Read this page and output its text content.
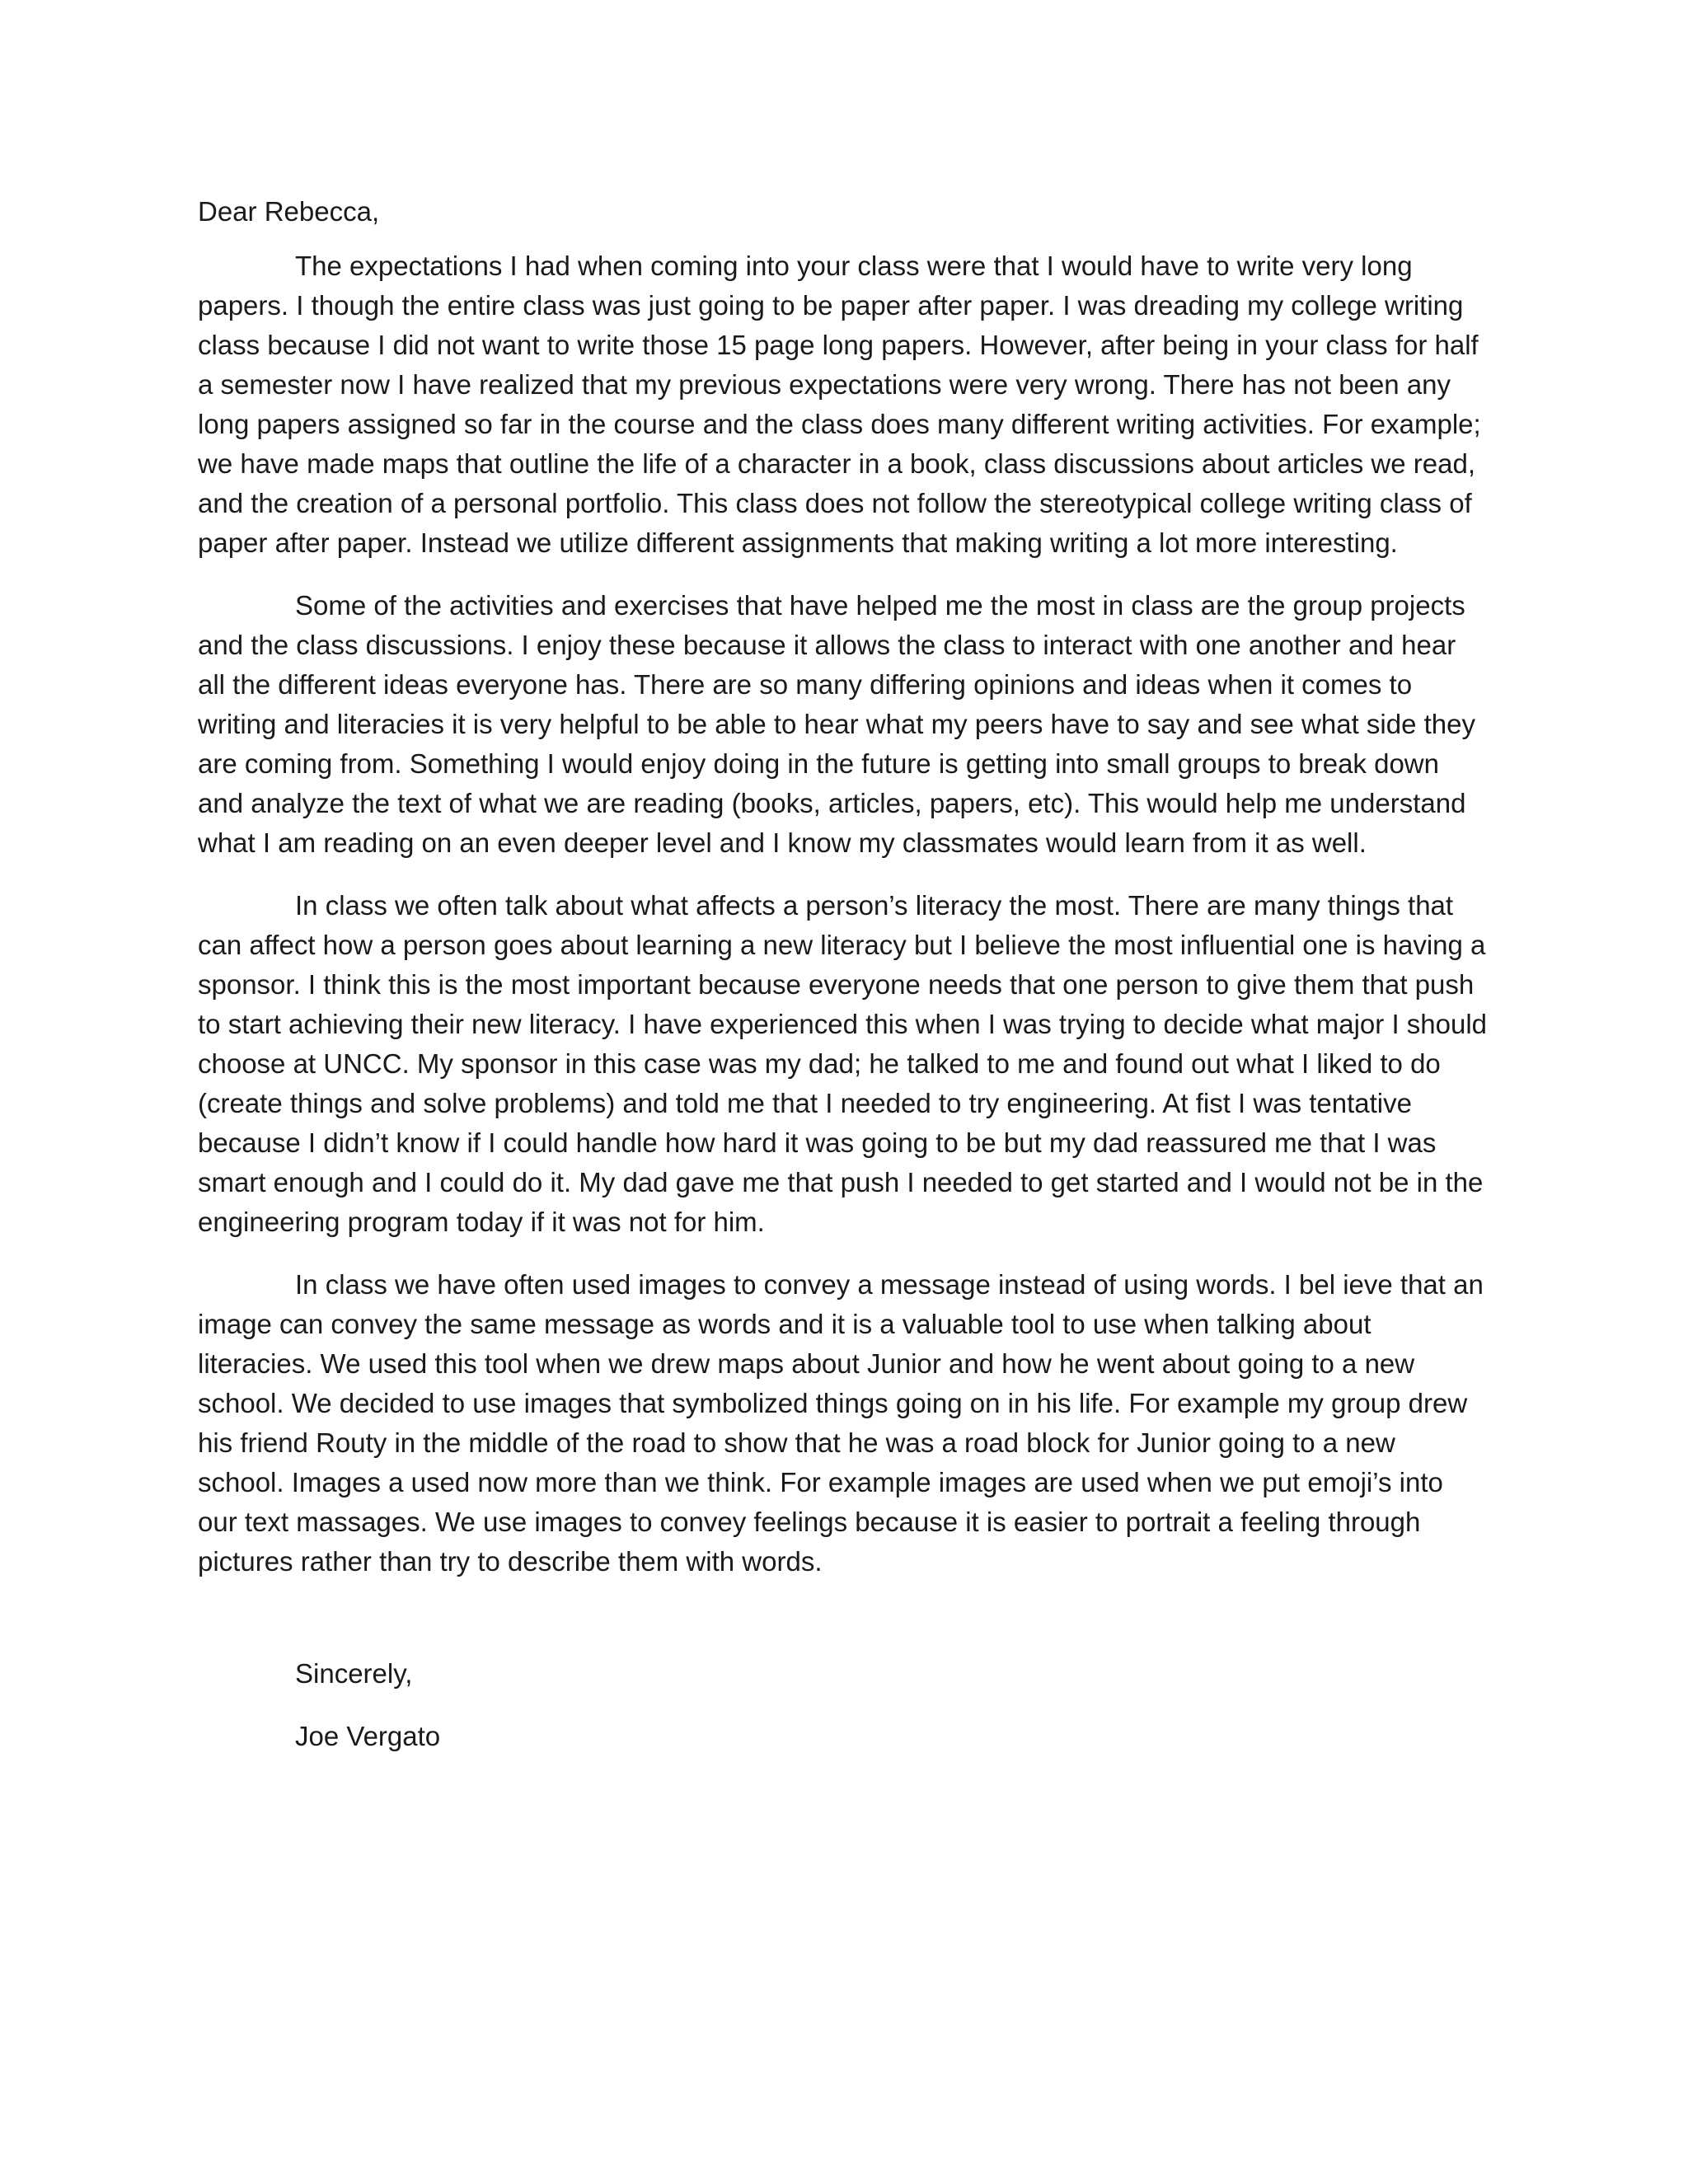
Dear Rebecca,

The expectations I had when coming into your class were that I would have to write very long papers. I though the entire class was just going to be paper after paper. I was dreading my college writing class because I did not want to write those 15 page long papers. However, after being in your class for half a semester now I have realized that my previous expectations were very wrong. There has not been any long papers assigned so far in the course and the class does many different writing activities. For example; we have made maps that outline the life of a character in a book, class discussions about articles we read, and the creation of a personal portfolio. This class does not follow the stereotypical college writing class of paper after paper. Instead we utilize different assignments that making writing a lot more interesting.

Some of the activities and exercises that have helped me the most in class are the group projects and the class discussions. I enjoy these because it allows the class to interact with one another and hear all the different ideas everyone has. There are so many differing opinions and ideas when it comes to writing and literacies it is very helpful to be able to hear what my peers have to say and see what side they are coming from. Something I would enjoy doing in the future is getting into small groups to break down and analyze the text of what we are reading (books, articles, papers, etc). This would help me understand what I am reading on an even deeper level and I know my classmates would learn from it as well.

In class we often talk about what affects a person’s literacy the most. There are many things that can affect how a person goes about learning a new literacy but I believe the most influential one is having a sponsor. I think this is the most important because everyone needs that one person to give them that push to start achieving their new literacy. I have experienced this when I was trying to decide what major I should choose at UNCC. My sponsor in this case was my dad; he talked to me and found out what I liked to do (create things and solve problems) and told me that I needed to try engineering. At fist I was tentative because I didn’t know if I could handle how hard it was going to be but my dad reassured me that I was smart enough and I could do it. My dad gave me that push I needed to get started and I would not be in the engineering program today if it was not for him.

In class we have often used images to convey a message instead of using words. I bel ieve that an image can convey the same message as words and it is a valuable tool to use when talking about literacies. We used this tool when we drew maps about Junior and how he went about going to a new school. We decided to use images that symbolized things going on in his life. For example my group drew his friend Routy in the middle of the road to show that he was a road block for Junior going to a new school. Images a used now more than we think. For example images are used when we put emoji’s into our text massages. We use images to convey feelings because it is easier to portrait a feeling through pictures rather than try to describe them with words.

Sincerely,

Joe Vergato
